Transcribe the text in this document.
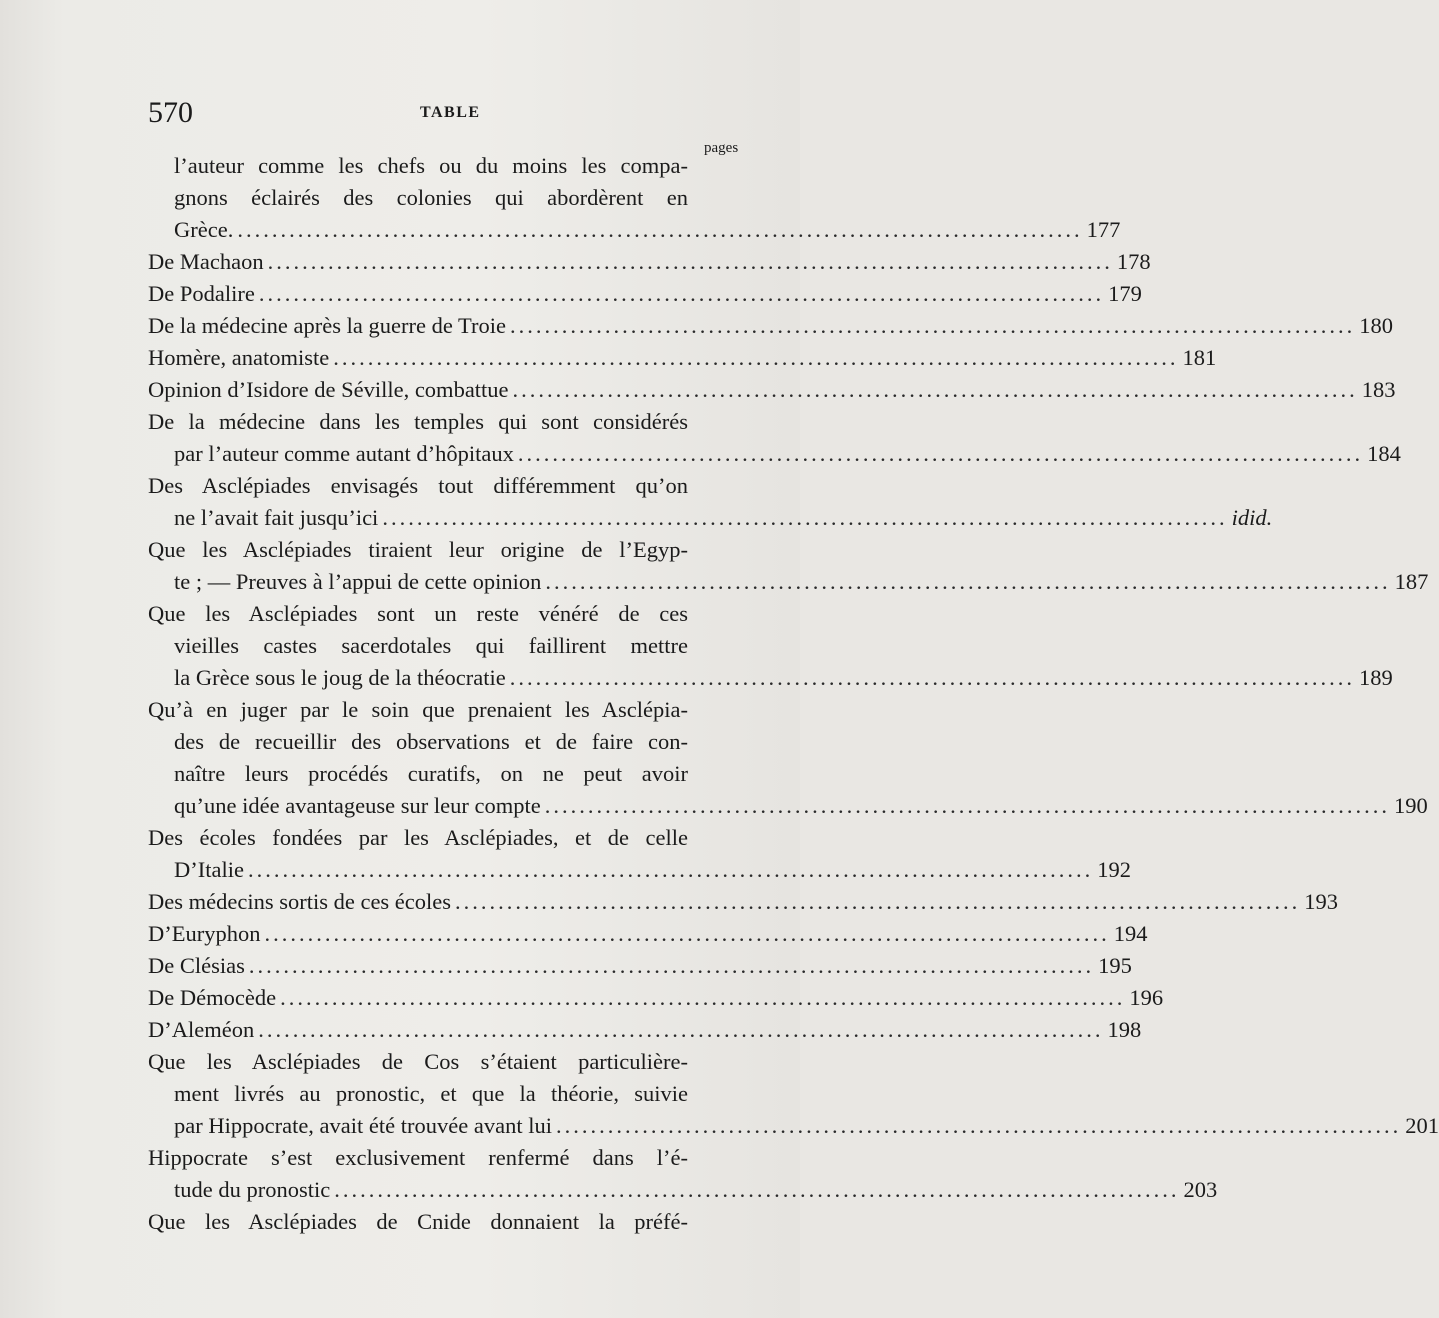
570	TABLE
pages
l’auteur comme les chefs ou du moins les compa-
gnons éclairés des colonies qui abordèrent en
Grèce. .................................................................................................. 177
De Machaon .................................................................................................. 178
De Podalire .................................................................................................. 179
De la médecine après la guerre de Troie .................................................................................................. 180
Homère, anatomiste .................................................................................................. 181
Opinion d’Isidore de Séville, combattue .................................................................................................. 183
De la médecine dans les temples qui sont considérés
par l’auteur comme autant d’hôpitaux .................................................................................................. 184
Des Asclépiades envisagés tout différemment qu’on
ne l’avait fait jusqu’ici .................................................................................................. idid.
Que les Asclépiades tiraient leur origine de l’Egyp-
te ; — Preuves à l’appui de cette opinion .................................................................................................. 187
Que les Asclépiades sont un reste vénéré de ces
vieilles castes sacerdotales qui faillirent mettre
la Grèce sous le joug de la théocratie .................................................................................................. 189
Qu’à en juger par le soin que prenaient les Asclépia-
des de recueillir des observations et de faire con-
naître leurs procédés curatifs, on ne peut avoir
qu’une idée avantageuse sur leur compte .................................................................................................. 190
Des écoles fondées par les Asclépiades, et de celle
D’Italie .................................................................................................. 192
Des médecins sortis de ces écoles .................................................................................................. 193
D’Euryphon .................................................................................................. 194
De Clésias .................................................................................................. 195
De Démocède .................................................................................................. 196
D’Aleméon .................................................................................................. 198
Que les Asclépiades de Cos s’étaient particulière-
ment livrés au pronostic, et que la théorie, suivie
par Hippocrate, avait été trouvée avant lui .................................................................................................. 201
Hippocrate s’est exclusivement renfermé dans l’é-
tude du pronostic .................................................................................................. 203
Que les Asclépiades de Cnide donnaient la préfé-
